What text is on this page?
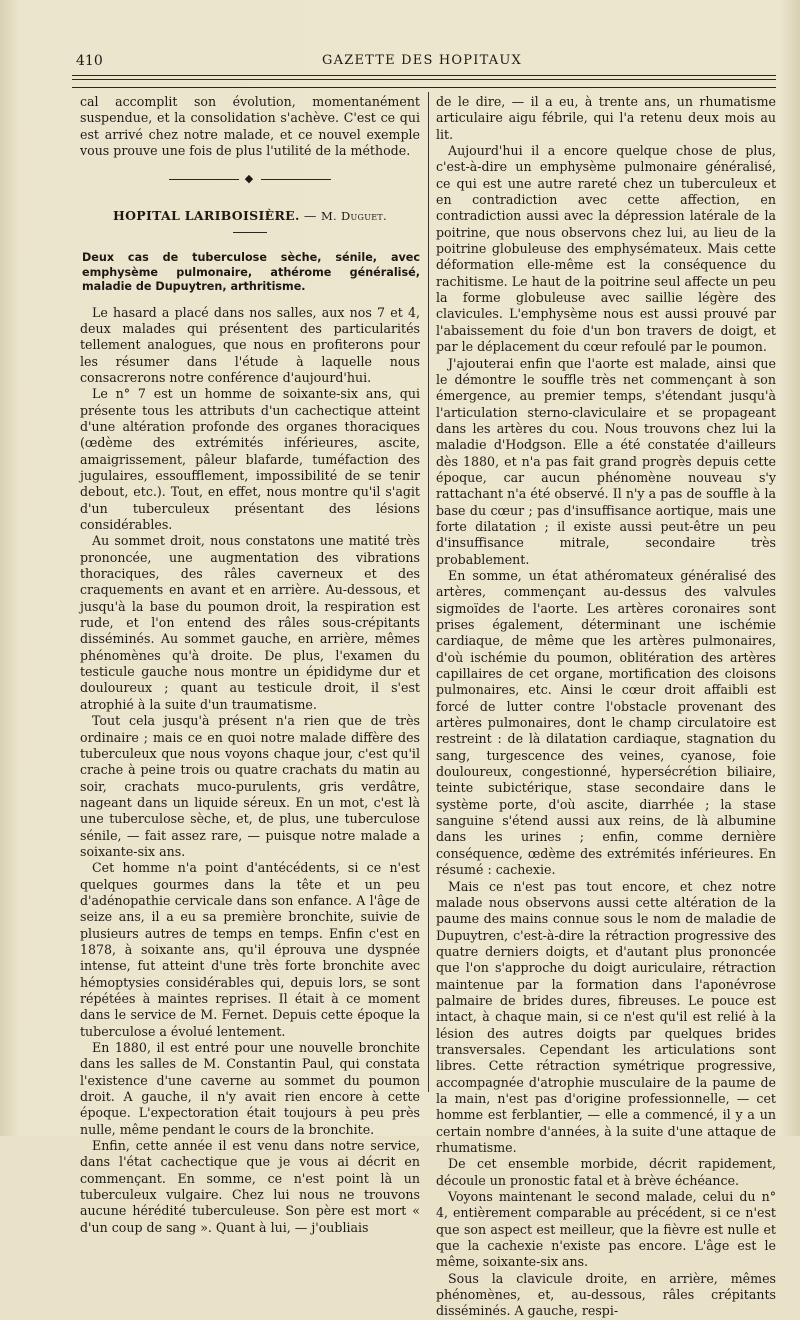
410	GAZETTE DES HOPITAUX

cal accomplit son évolution, momentanément suspendue, et la consolidation s'achève. C'est ce qui est arrivé chez notre malade, et ce nouvel exemple vous prouve une fois de plus l'utilité de la méthode.

◆
HOPITAL LARIBOISIÈRE. — M. Duguet.
Deux cas de tuberculose sèche, sénile, avec emphysème pulmonaire, athérome généralisé, maladie de Dupuytren, arthritisme.

Le hasard a placé dans nos salles, aux nos 7 et 4, deux malades qui présentent des particularités tellement analogues, que nous en profiterons pour les résumer dans l'étude à laquelle nous consacrerons notre conférence d'aujourd'hui.

Le n° 7 est un homme de soixante-six ans, qui présente tous les attributs d'un cachectique atteint d'une altération profonde des organes thoraciques (œdème des extrémités inférieures, ascite, amaigrissement, pâleur blafarde, tuméfaction des jugulaires, essoufflement, impossibilité de se tenir debout, etc.). Tout, en effet, nous montre qu'il s'agit d'un tuberculeux présentant des lésions considérables.

Au sommet droit, nous constatons une matité très prononcée, une augmentation des vibrations thoraciques, des râles caverneux et des craquements en avant et en arrière. Au-dessous, et jusqu'à la base du poumon droit, la respiration est rude, et l'on entend des râles sous-crépitants disséminés. Au sommet gauche, en arrière, mêmes phénomènes qu'à droite. De plus, l'examen du testicule gauche nous montre un épididyme dur et douloureux ; quant au testicule droit, il s'est atrophié à la suite d'un traumatisme.

Tout cela jusqu'à présent n'a rien que de très ordinaire ; mais ce en quoi notre malade diffère des tuberculeux que nous voyons chaque jour, c'est qu'il crache à peine trois ou quatre crachats du matin au soir, crachats muco-purulents, gris verdâtre, nageant dans un liquide séreux. En un mot, c'est là une tuberculose sèche, et, de plus, une tuberculose sénile, — fait assez rare, — puisque notre malade a soixante-six ans.

Cet homme n'a point d'antécédents, si ce n'est quelques gourmes dans la tête et un peu d'adénopathie cervicale dans son enfance. A l'âge de seize ans, il a eu sa première bronchite, suivie de plusieurs autres de temps en temps. Enfin c'est en 1878, à soixante ans, qu'il éprouva une dyspnée intense, fut atteint d'une très forte bronchite avec hémoptysies considérables qui, depuis lors, se sont répétées à maintes reprises. Il était à ce moment dans le service de M. Fernet. Depuis cette époque la tuberculose a évolué lentement.

En 1880, il est entré pour une nouvelle bronchite dans les salles de M. Constantin Paul, qui constata l'existence d'une caverne au sommet du poumon droit. A gauche, il n'y avait rien encore à cette époque. L'expectoration était toujours à peu près nulle, même pendant le cours de la bronchite.

Enfin, cette année il est venu dans notre service, dans l'état cachectique que je vous ai décrit en commençant. En somme, ce n'est point là un tuberculeux vulgaire. Chez lui nous ne trouvons aucune hérédité tuberculeuse. Son père est mort « d'un coup de sang ». Quant à lui, — j'oubliais

de le dire, — il a eu, à trente ans, un rhumatisme articulaire aigu fébrile, qui l'a retenu deux mois au lit.

Aujourd'hui il a encore quelque chose de plus, c'est-à-dire un emphysème pulmonaire généralisé, ce qui est une autre rareté chez un tuberculeux et en contradiction avec cette affection, en contradiction aussi avec la dépression latérale de la poitrine, que nous observons chez lui, au lieu de la poitrine globuleuse des emphysémateux. Mais cette déformation elle-même est la conséquence du rachitisme. Le haut de la poitrine seul affecte un peu la forme globuleuse avec saillie légère des clavicules. L'emphysème nous est aussi prouvé par l'abaissement du foie d'un bon travers de doigt, et par le déplacement du cœur refoulé par le poumon.

J'ajouterai enfin que l'aorte est malade, ainsi que le démontre le souffle très net commençant à son émergence, au premier temps, s'étendant jusqu'à l'articulation sterno-claviculaire et se propageant dans les artères du cou. Nous trouvons chez lui la maladie d'Hodgson. Elle a été constatée d'ailleurs dès 1880, et n'a pas fait grand progrès depuis cette époque, car aucun phénomène nouveau s'y rattachant n'a été observé. Il n'y a pas de souffle à la base du cœur ; pas d'insuffisance aortique, mais une forte dilatation ; il existe aussi peut-être un peu d'insuffisance mitrale, secondaire très probablement.

En somme, un état athéromateux généralisé des artères, commençant au-dessus des valvules sigmoïdes de l'aorte. Les artères coronaires sont prises également, déterminant une ischémie cardiaque, de même que les artères pulmonaires, d'où ischémie du poumon, oblitération des artères capillaires de cet organe, mortification des cloisons pulmonaires, etc. Ainsi le cœur droit affaibli est forcé de lutter contre l'obstacle provenant des artères pulmonaires, dont le champ circulatoire est restreint : de là dilatation cardiaque, stagnation du sang, turgescence des veines, cyanose, foie douloureux, congestionné, hypersécrétion biliaire, teinte subictérique, stase secondaire dans le système porte, d'où ascite, diarrhée ; la stase sanguine s'étend aussi aux reins, de là albumine dans les urines ; enfin, comme dernière conséquence, œdème des extrémités inférieures. En résumé : cachexie.

Mais ce n'est pas tout encore, et chez notre malade nous observons aussi cette altération de la paume des mains connue sous le nom de maladie de Dupuytren, c'est-à-dire la rétraction progressive des quatre derniers doigts, et d'autant plus prononcée que l'on s'approche du doigt auriculaire, rétraction maintenue par la formation dans l'aponévrose palmaire de brides dures, fibreuses. Le pouce est intact, à chaque main, si ce n'est qu'il est relié à la lésion des autres doigts par quelques brides transversales. Cependant les articulations sont libres. Cette rétraction symétrique progressive, accompagnée d'atrophie musculaire de la paume de la main, n'est pas d'origine professionnelle, — cet homme est ferblantier, — elle a commencé, il y a un certain nombre d'années, à la suite d'une attaque de rhumatisme.

De cet ensemble morbide, décrit rapidement, découle un pronostic fatal et à brève échéance.

Voyons maintenant le second malade, celui du n° 4, entièrement comparable au précédent, si ce n'est que son aspect est meilleur, que la fièvre est nulle et que la cachexie n'existe pas encore. L'âge est le même, soixante-six ans.

Sous la clavicule droite, en arrière, mêmes phénomènes, et, au-dessous, râles crépitants disséminés. A gauche, respi-
